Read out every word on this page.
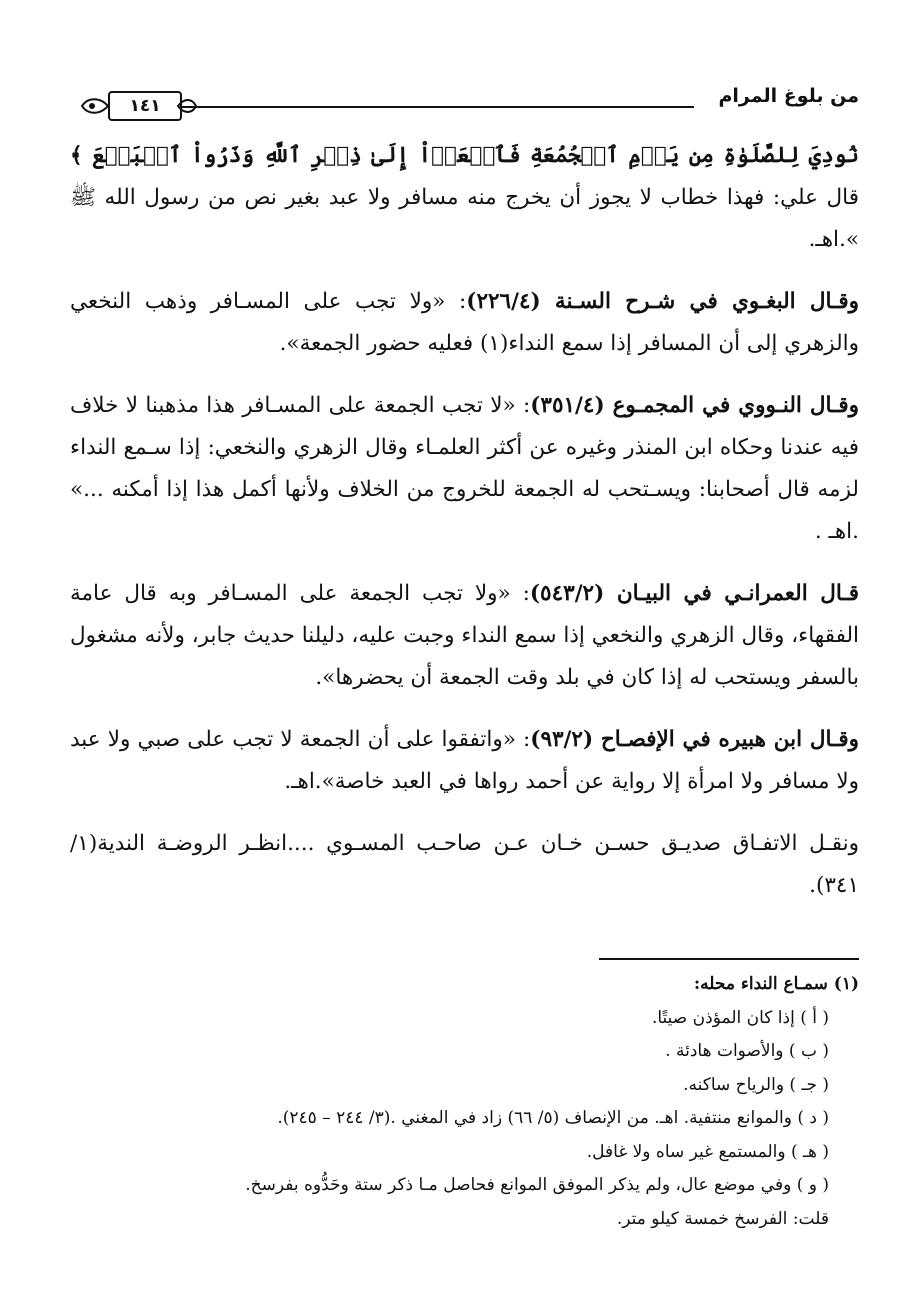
من بلوغ المرام
١٤١

نُودِيَ لِلصَّلَوٰةِ مِن يَوۡمِ ٱلۡجُمُعَةِ فَٱسۡعَوۡاْ إِلَىٰ ذِكۡرِ ٱللَّهِ وَذَرُواْ ٱلۡبَيۡعَ ﴾ قال علي: فهذا خطاب لا يجوز أن يخرج منه مسافر ولا عبد بغير نص من رسول الله ﷺ ».اهـ.

وقـال البغـوي في شـرح السـنة (٢٢٦/٤): «ولا تجب على المسـافر وذهب النخعي والزهري إلى أن المسافر إذا سمع النداء(١) فعليه حضور الجمعة».

وقـال النـووي في المجمـوع (٣٥١/٤): «لا تجب الجمعة على المسـافر هذا مذهبنا لا خلاف فيه عندنا وحكاه ابن المنذر وغيره عن أكثر العلمـاء وقال الزهري والنخعي: إذا سـمع النداء لزمه قال أصحابنا: ويسـتحب له الجمعة للخروج من الخلاف ولأنها أكمل هذا إذا أمكنه ...» .اهـ .

قـال العمرانـي في البيـان (٥٤٣/٢): «ولا تجب الجمعة على المسـافر وبه قال عامة الفقهاء، وقال الزهري والنخعي إذا سمع النداء وجبت عليه، دليلنا حديث جابر، ولأنه مشغول بالسفر ويستحب له إذا كان في بلد وقت الجمعة أن يحضرها».

وقـال ابن هبيره في الإفصـاح (٩٣/٢): «واتفقوا على أن الجمعة لا تجب على صبي ولا عبد ولا مسافر ولا امرأة إلا رواية عن أحمد رواها في العبد خاصة».اهـ.

ونقـل الاتفـاق صديـق حسـن خـان عـن صاحـب المسـوي ....انظـر الروضـة الندية(١/ ٣٤١).

(١) سمـاع النداء محله:
( أ ) إذا كان المؤذن صيتًا.
( ب ) والأصوات هادئة .
( جـ ) والرياح ساكنه.
( د ) والموانع منتفية. اهـ. من الإنصاف (٥/ ٦٦) زاد في المغني .(٣/ ٢٤٤ – ٢٤٥).
( هـ ) والمستمع غير ساه ولا غافل.
( و ) وفي موضع عال، ولم يذكر الموفق الموانع فحاصل مـا ذكر ستة وحَدُّوه بفرسخ.
قلت: الفرسخ خمسة كيلو متر.
